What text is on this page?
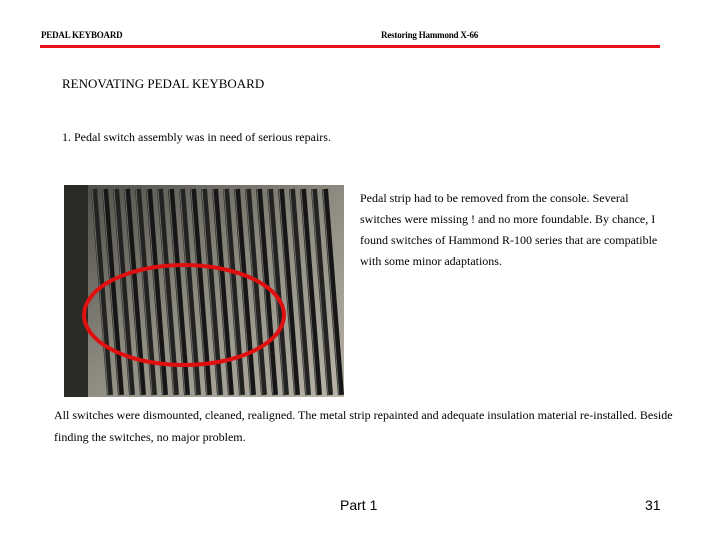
PEDAL KEYBOARD	Restoring Hammond X-66
RENOVATING PEDAL KEYBOARD
1. Pedal switch assembly was in need of serious repairs.
Pedal strip had to be removed from the console. Several switches were missing ! and no more foundable. By chance, I found switches of Hammond R-100 series that are compatible with some minor adaptations.
All switches were dismounted, cleaned, realigned. The metal strip repainted and adequate insulation material re-installed. Beside finding the switches, no major problem.
Part 1	31
